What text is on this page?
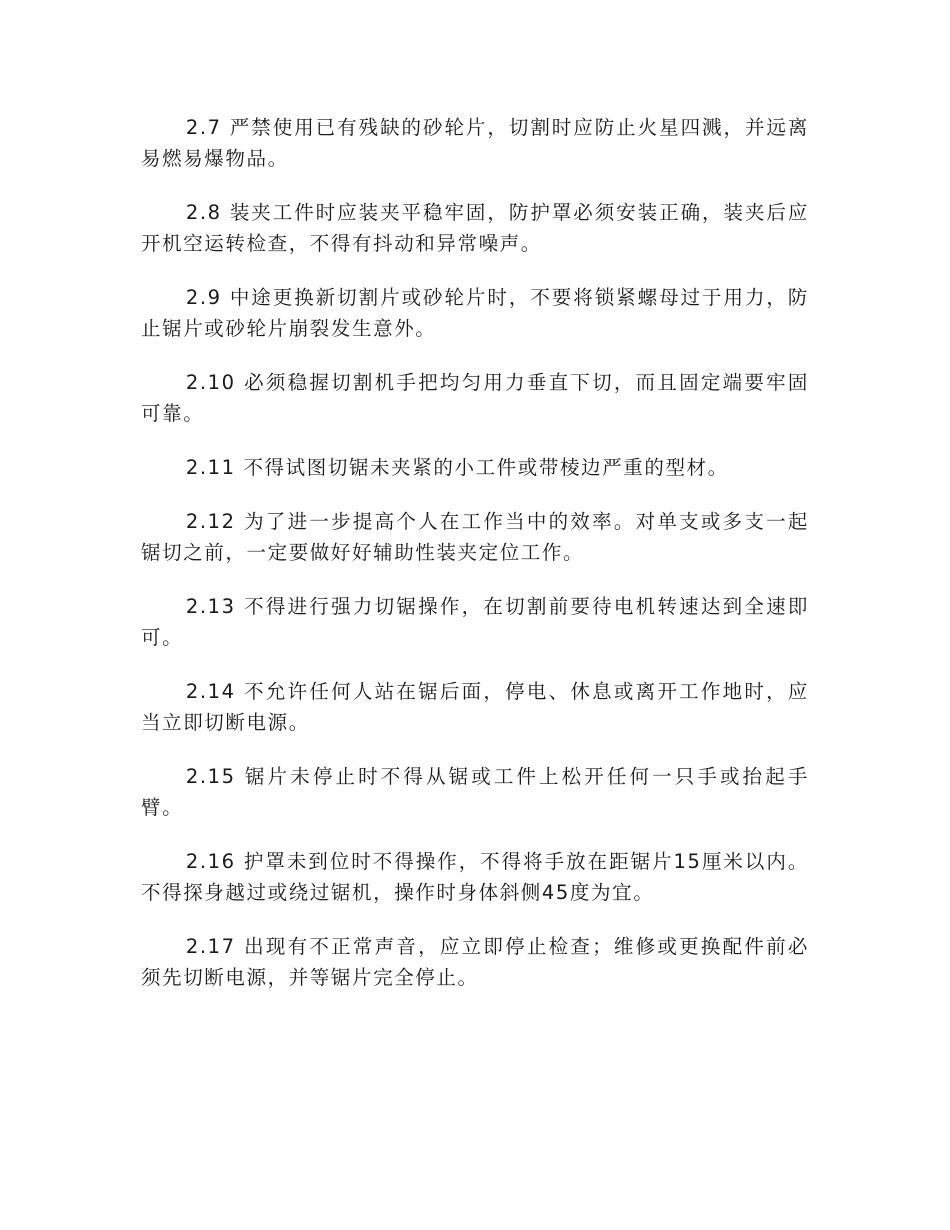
2.7 严禁使用已有残缺的砂轮片，切割时应防止火星四溅，并远离易燃易爆物品。

2.8 装夹工件时应装夹平稳牢固，防护罩必须安装正确，装夹后应开机空运转检查，不得有抖动和异常噪声。

2.9 中途更换新切割片或砂轮片时，不要将锁紧螺母过于用力，防止锯片或砂轮片崩裂发生意外。

2.10 必须稳握切割机手把均匀用力垂直下切，而且固定端要牢固可靠。

2.11 不得试图切锯未夹紧的小工件或带棱边严重的型材。

2.12 为了进一步提高个人在工作当中的效率。对单支或多支一起锯切之前，一定要做好好辅助性装夹定位工作。

2.13 不得进行强力切锯操作，在切割前要待电机转速达到全速即可。

2.14 不允许任何人站在锯后面，停电、休息或离开工作地时，应当立即切断电源。

2.15 锯片未停止时不得从锯或工件上松开任何一只手或抬起手臂。

2.16 护罩未到位时不得操作，不得将手放在距锯片15厘米以内。不得探身越过或绕过锯机，操作时身体斜侧45度为宜。

2.17 出现有不正常声音，应立即停止检查；维修或更换配件前必须先切断电源，并等锯片完全停止。
